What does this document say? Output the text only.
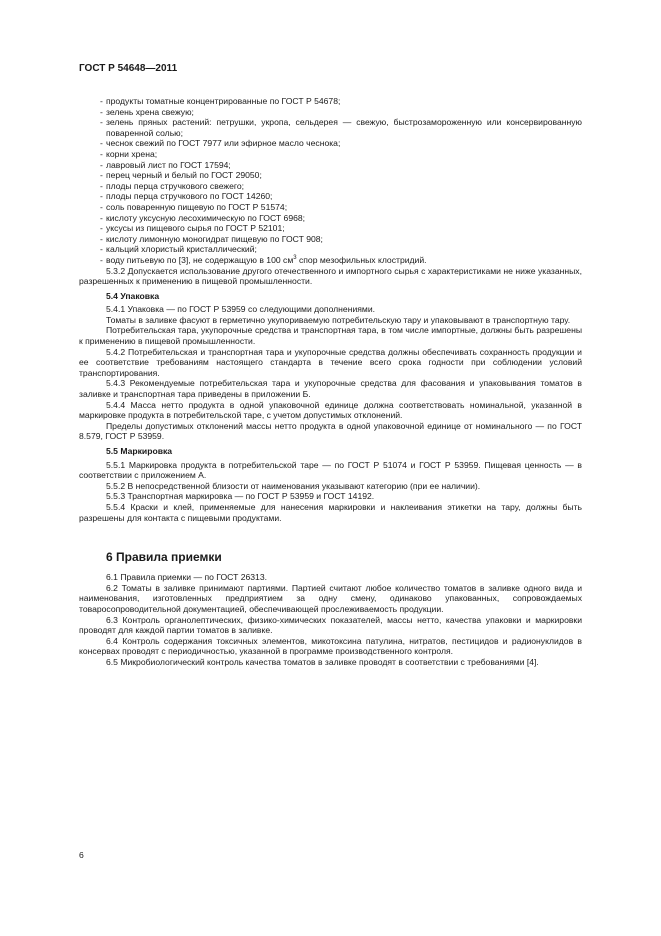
ГОСТ Р 54648—2011

- продукты томатные концентрированные по ГОСТ Р 54678;

- зелень хрена свежую;

- зелень пряных растений: петрушки, укропа, сельдерея — свежую, быстрозамороженную или консервированную поваренной солью;

- чеснок свежий по ГОСТ 7977 или эфирное масло чеснока;

- корни хрена;

- лавровый лист по ГОСТ 17594;

- перец черный и белый по ГОСТ 29050;

- плоды перца стручкового свежего;

- плоды перца стручкового по ГОСТ 14260;

- соль поваренную пищевую по ГОСТ Р 51574;

- кислоту уксусную лесохимическую по ГОСТ 6968;

- уксусы из пищевого сырья по ГОСТ Р 52101;

- кислоту лимонную моногидрат пищевую по ГОСТ 908;

- кальций хлористый кристаллический;

- воду питьевую по [3], не содержащую в 100 $см^3$ спор мезофильных клостридий.

5.3.2 Допускается использование другого отечественного и импортного сырья с характеристиками не ниже указанных, разрешенных к применению в пищевой промышленности.

5.4 Упаковка

5.4.1 Упаковка — по ГОСТ Р 53959 со следующими дополнениями.

Томаты в заливке фасуют в герметично укупориваемую потребительскую тару и упаковывают в транспортную тару.

Потребительская тара, укупорочные средства и транспортная тара, в том числе импортные, должны быть разрешены к применению в пищевой промышленности.

5.4.2 Потребительская и транспортная тара и укупорочные средства должны обеспечивать сохранность продукции и ее соответствие требованиям настоящего стандарта в течение всего срока годности при соблюдении условий транспортирования.

5.4.3 Рекомендуемые потребительская тара и укупорочные средства для фасования и упаковывания томатов в заливке и транспортная тара приведены в приложении Б.

5.4.4 Масса нетто продукта в одной упаковочной единице должна соответствовать номинальной, указанной в маркировке продукта в потребительской таре, с учетом допустимых отклонений.

Пределы допустимых отклонений массы нетто продукта в одной упаковочной единице от номинального — по ГОСТ 8.579, ГОСТ Р 53959.

5.5 Маркировка

5.5.1 Маркировка продукта в потребительской таре — по ГОСТ Р 51074 и ГОСТ Р 53959. Пищевая ценность — в соответствии с приложением А.

5.5.2 В непосредственной близости от наименования указывают категорию (при ее наличии).

5.5.3 Транспортная маркировка — по ГОСТ Р 53959 и ГОСТ 14192.

5.5.4 Краски и клей, применяемые для нанесения маркировки и наклеивания этикетки на тару, должны быть разрешены для контакта с пищевыми продуктами.

6 Правила приемки

6.1 Правила приемки — по ГОСТ 26313.

6.2 Томаты в заливке принимают партиями. Партией считают любое количество томатов в заливке одного вида и наименования, изготовленных предприятием за одну смену, одинаково упакованных, сопровождаемых товаросопроводительной документацией, обеспечивающей прослеживаемость продукции.

6.3 Контроль органолептических, физико-химических показателей, массы нетто, качества упаковки и маркировки проводят для каждой партии томатов в заливке.

6.4 Контроль содержания токсичных элементов, микотоксина патулина, нитратов, пестицидов и радионуклидов в консервах проводят с периодичностью, указанной в программе производственного контроля.

6.5 Микробиологический контроль качества томатов в заливке проводят в соответствии с требованиями [4].

6
